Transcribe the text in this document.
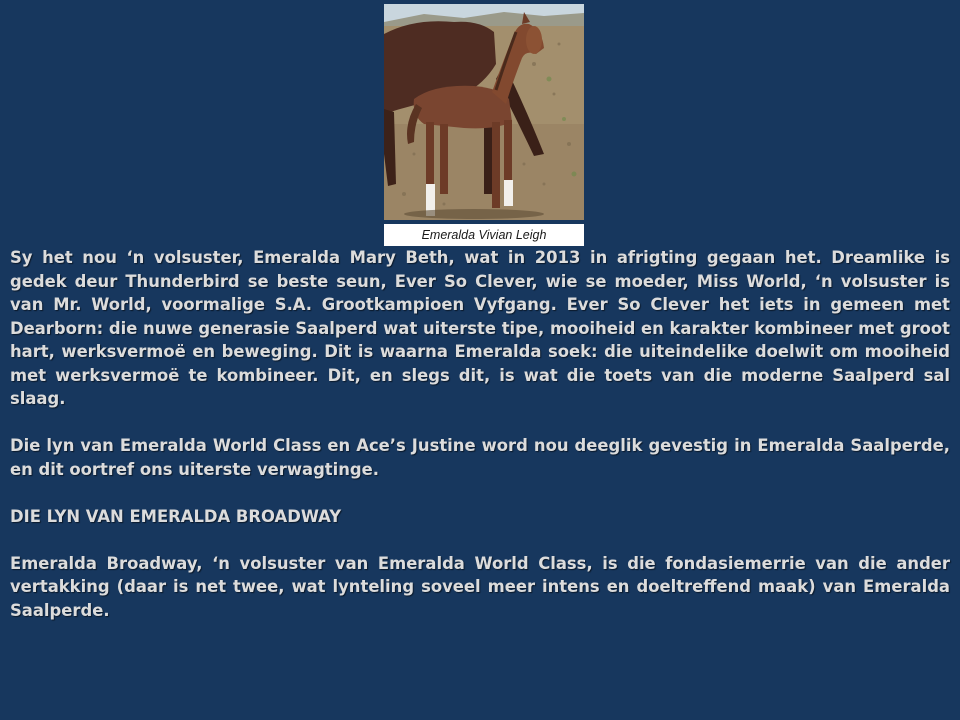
Emeralda Vivian Leigh

Sy het nou ‘n volsuster, Emeralda Mary Beth, wat in 2013 in afrigting gegaan het. Dreamlike is gedek deur Thunderbird se beste seun, Ever So Clever, wie se moeder, Miss World, ‘n volsuster is van Mr. World, voormalige S.A. Grootkampioen Vyfgang. Ever So Clever het iets in gemeen met Dearborn: die nuwe generasie Saalperd wat uiterste tipe, mooiheid en karakter kombineer met groot hart, werksvermoë en beweging. Dit is waarna Emeralda soek: die uiteindelike doelwit om mooiheid met werksvermoë te kombineer. Dit, en slegs dit, is wat die toets van die moderne Saalperd sal slaag.

Die lyn van Emeralda World Class en Ace’s Justine word nou deeglik gevestig in Emeralda Saalperde, en dit oortref ons uiterste verwagtinge.

DIE LYN VAN EMERALDA BROADWAY

Emeralda Broadway, ‘n volsuster van Emeralda World Class, is die fondasiemerrie van die ander vertakking (daar is net twee, wat lynteling soveel meer intens en doeltreffend maak) van Emeralda Saalperde.
